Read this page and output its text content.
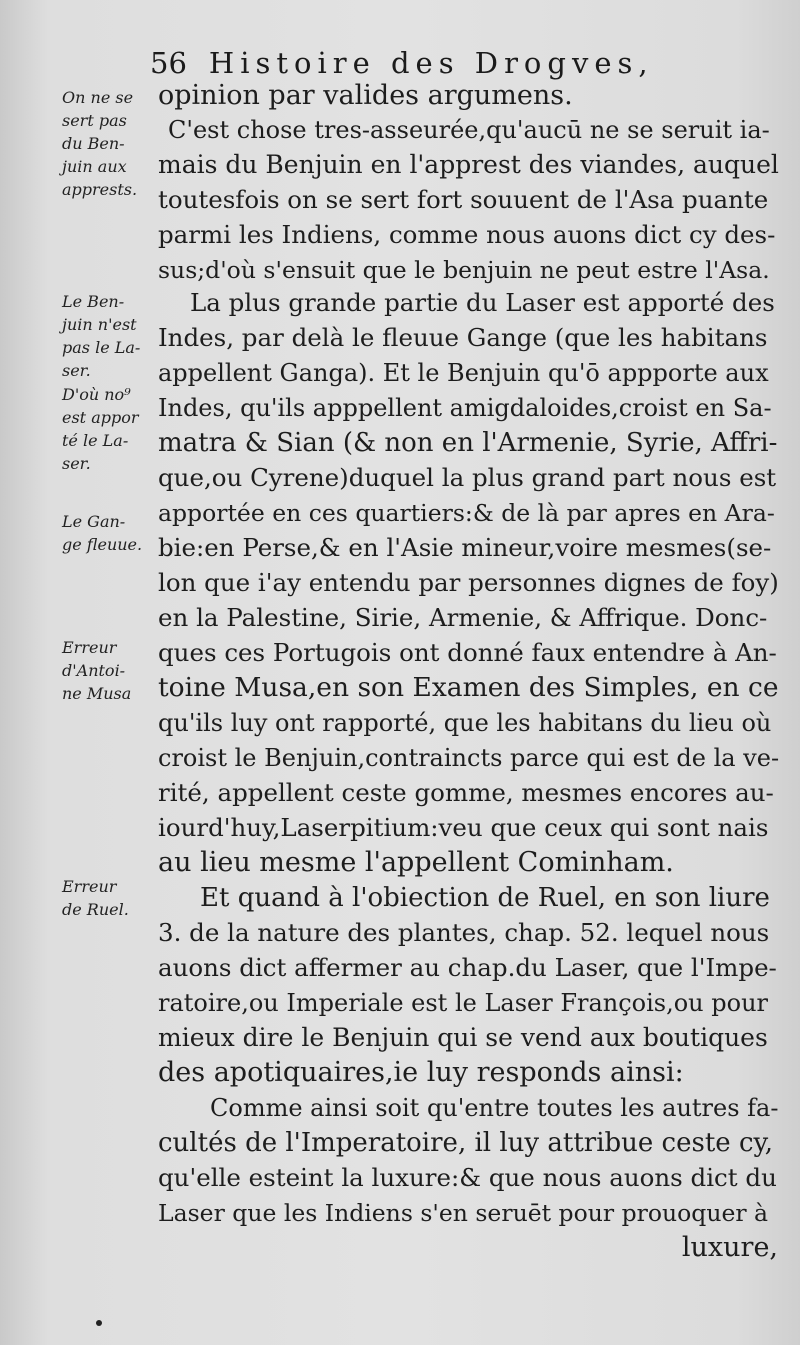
56 Histoire des Drogves,
On ne se
sert pas
du Ben-
juin aux
apprests.
Le Ben-
juin n'est
pas le La-
ser.
D'où no⁹
est appor
té le La-
ser.
Le Gan-
ge fleuue.
Erreur
d'Antoi-
ne Musa
Erreur
de Ruel.
opinion par valides argumens.
C'est chose tres-asseurée,qu'aucū ne se seruit ia-
mais du Benjuin en l'apprest des viandes, auquel
toutesfois on se sert fort souuent de l'Asa puante
parmi les Indiens, comme nous auons dict cy des-
sus;d'où s'ensuit que le benjuin ne peut estre l'Asa.
La plus grande partie du Laser est apporté des
Indes, par delà le fleuue Gange (que les habitans
appellent Ganga). Et le Benjuin qu'ō appporte aux
Indes, qu'ils apppellent amigdaloides,croist en Sa-
matra & Sian (& non en l'Armenie, Syrie, Affri-
que,ou Cyrene)duquel la plus grand part nous est
apportée en ces quartiers:& de là par apres en Ara-
bie:en Perse,& en l'Asie mineur,voire mesmes(se-
lon que i'ay entendu par personnes dignes de foy)
en la Palestine, Sirie, Armenie, & Affrique. Donc-
ques ces Portugois ont donné faux entendre à An-
toine Musa,en son Examen des Simples, en ce
qu'ils luy ont rapporté, que les habitans du lieu où
croist le Benjuin,contraincts parce qui est de la ve-
rité, appellent ceste gomme, mesmes encores au-
iourd'huy,Laserpitium:veu que ceux qui sont nais
au lieu mesme l'appellent Cominham.
Et quand à l'obiection de Ruel, en son liure
3. de la nature des plantes, chap. 52. lequel nous
auons dict affermer au chap.du Laser, que l'Impe-
ratoire,ou Imperiale est le Laser François,ou pour
mieux dire le Benjuin qui se vend aux boutiques
des apotiquaires,ie luy responds ainsi:
Comme ainsi soit qu'entre toutes les autres fa-
cultés de l'Imperatoire, il luy attribue ceste cy,
qu'elle esteint la luxure:& que nous auons dict du
Laser que les Indiens s'en seruēt pour prouoquer à
luxure,
